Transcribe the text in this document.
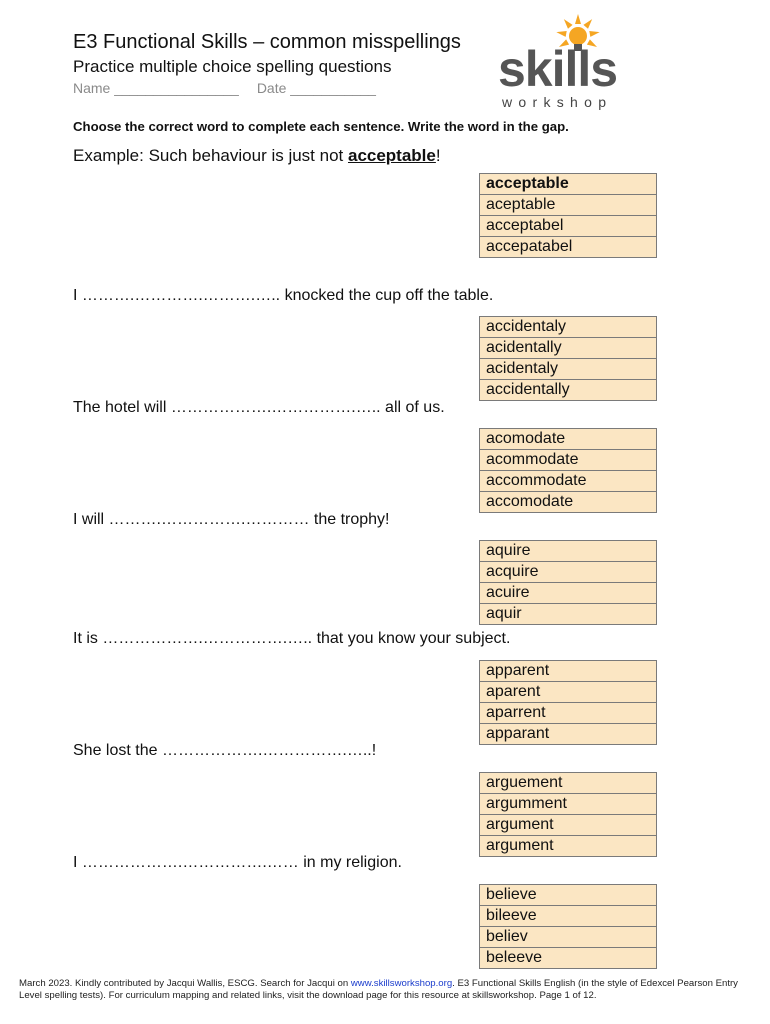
E3 Functional Skills – common misspellings
Practice multiple choice spelling questions
Name ________________ Date ___________ skills
workshop
Choose the correct word to complete each sentence. Write the word in the gap.
Example: Such behaviour is just not acceptable!
acceptable
aceptable
acceptabel
accepatabel
I ……….………….……….….. knocked the cup off the table.
accidentaly
acidentally
acidentaly
accidentally
The hotel will ……………….…………….….. all of us.
acomodate
acommodate
accommodate
accomodate
I will ……….…………….………… the trophy!
aquire
acquire
acuire
aquir
It is ……………….…………….….. that you know your subject.
apparent
aparent
aparrent
apparant
She lost the ……………….…………….…..!
arguement
argumment
argument
argument
I ……………….…………….…… in my religion.
believe
bileeve
believ
beleeve
March 2023. Kindly contributed by Jacqui Wallis, ESCG. Search for Jacqui on www.skillsworkshop.org. E3 Functional Skills English (in the style of Edexcel Pearson Entry Level spelling tests). For curriculum mapping and related links, visit the download page for this resource at skillsworkshop. Page 1 of 12.
